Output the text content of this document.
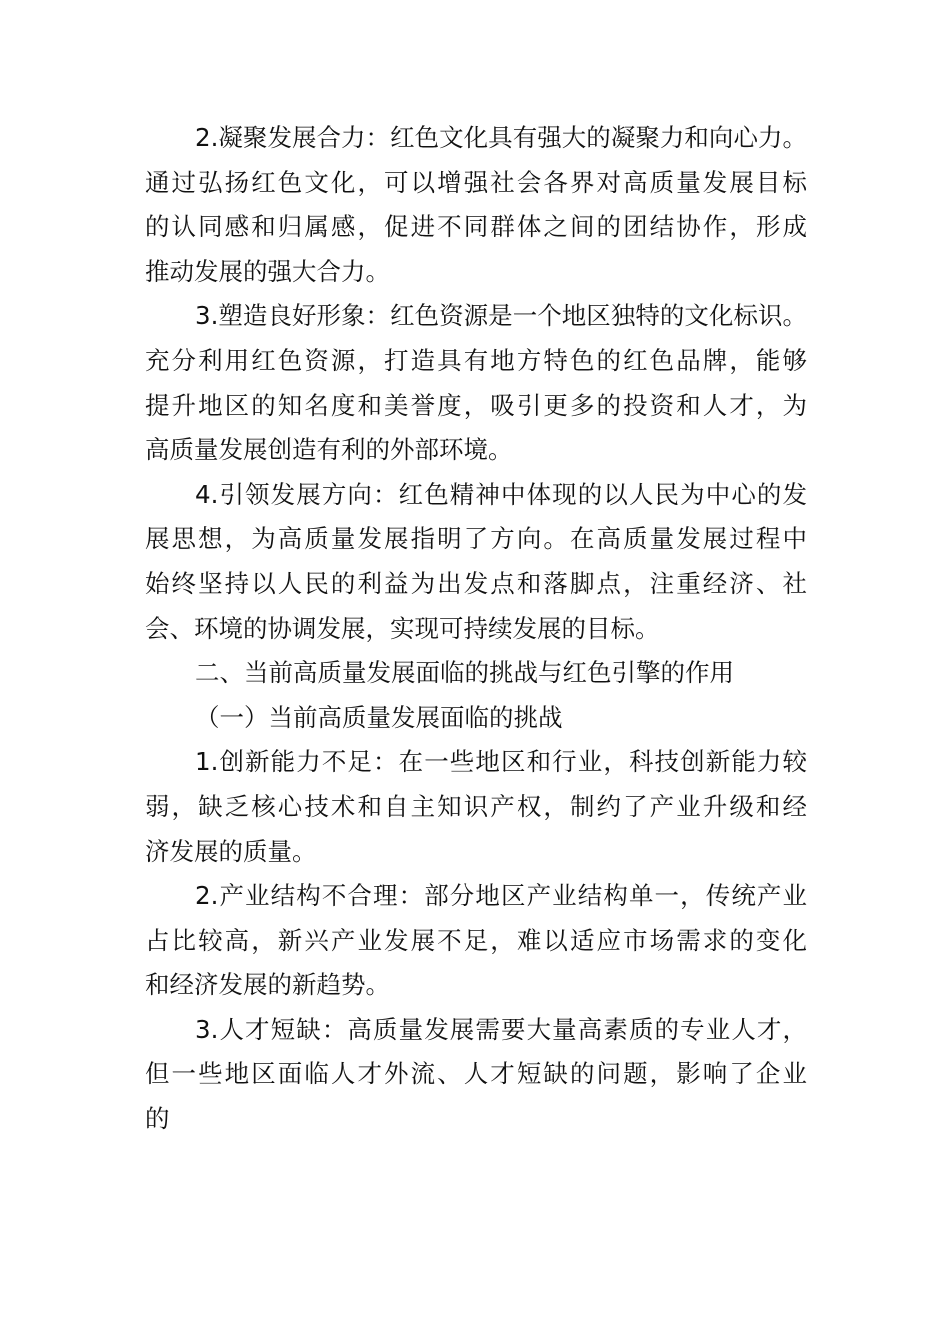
2.凝聚发展合力：红色文化具有强大的凝聚力和向心力。
通过弘扬红色文化，可以增强社会各界对高质量发展目标
的认同感和归属感，促进不同群体之间的团结协作，形成
推动发展的强大合力。
3.塑造良好形象：红色资源是一个地区独特的文化标识。
充分利用红色资源，打造具有地方特色的红色品牌，能够
提升地区的知名度和美誉度，吸引更多的投资和人才，为
高质量发展创造有利的外部环境。
4.引领发展方向：红色精神中体现的以人民为中心的发
展思想，为高质量发展指明了方向。在高质量发展过程中
始终坚持以人民的利益为出发点和落脚点，注重经济、社
会、环境的协调发展，实现可持续发展的目标。
二、当前高质量发展面临的挑战与红色引擎的作用
（一）当前高质量发展面临的挑战
1.创新能力不足：在一些地区和行业，科技创新能力较
弱，缺乏核心技术和自主知识产权，制约了产业升级和经
济发展的质量。
2.产业结构不合理：部分地区产业结构单一，传统产业
占比较高，新兴产业发展不足，难以适应市场需求的变化
和经济发展的新趋势。
3.人才短缺：高质量发展需要大量高素质的专业人才，
但一些地区面临人才外流、人才短缺的问题，影响了企业
的
